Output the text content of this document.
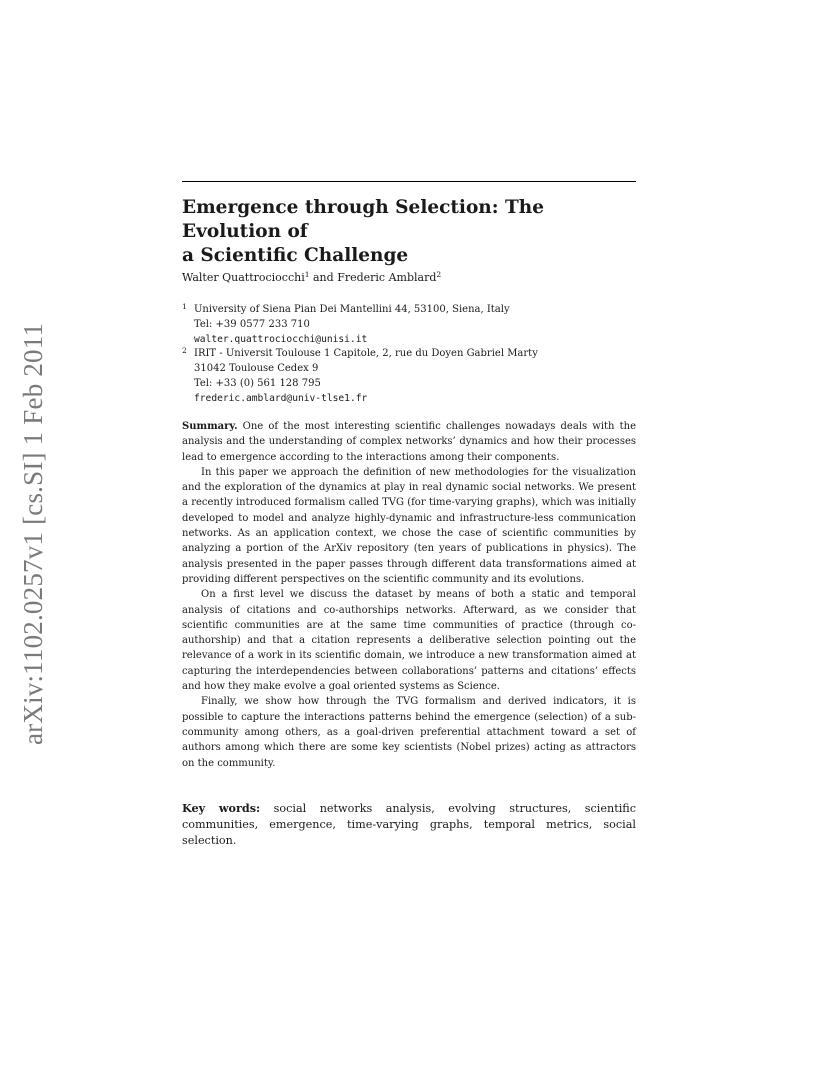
arXiv:1102.0257v1 [cs.SI] 1 Feb 2011
Emergence through Selection: The Evolution of
a Scientific Challenge

Walter Quattrociocchi$^1$ and Frederic Amblard$^2$

1 University of Siena Pian Dei Mantellini 44, 53100, Siena, Italy
Tel: +39 0577 233 710
walter.quattrociocchi@unisi.it
2 IRIT - Universit Toulouse 1 Capitole, 2, rue du Doyen Gabriel Marty
31042 Toulouse Cedex 9
Tel: +33 (0) 561 128 795
frederic.amblard@univ-tlse1.fr

Summary. One of the most interesting scientific challenges nowadays deals with the analysis and the understanding of complex networks’ dynamics and how their processes lead to emergence according to the interactions among their components.

In this paper we approach the definition of new methodologies for the visualization and the exploration of the dynamics at play in real dynamic social networks. We present a recently introduced formalism called TVG (for time-varying graphs), which was initially developed to model and analyze highly-dynamic and infrastructure-less communication networks. As an application context, we chose the case of scientific communities by analyzing a portion of the ArXiv repository (ten years of publications in physics). The analysis presented in the paper passes through different data transformations aimed at providing different perspectives on the scientific community and its evolutions.

On a first level we discuss the dataset by means of both a static and temporal analysis of citations and co-authorships networks. Afterward, as we consider that scientific communities are at the same time communities of practice (through co-authorship) and that a citation represents a deliberative selection pointing out the relevance of a work in its scientific domain, we introduce a new transformation aimed at capturing the interdependencies between collaborations’ patterns and citations’ effects and how they make evolve a goal oriented systems as Science.

Finally, we show how through the TVG formalism and derived indicators, it is possible to capture the interactions patterns behind the emergence (selection) of a sub-community among others, as a goal-driven preferential attachment toward a set of authors among which there are some key scientists (Nobel prizes) acting as attractors on the community.

Key words: social networks analysis, evolving structures, scientific communities, emergence, time-varying graphs, temporal metrics, social selection.
